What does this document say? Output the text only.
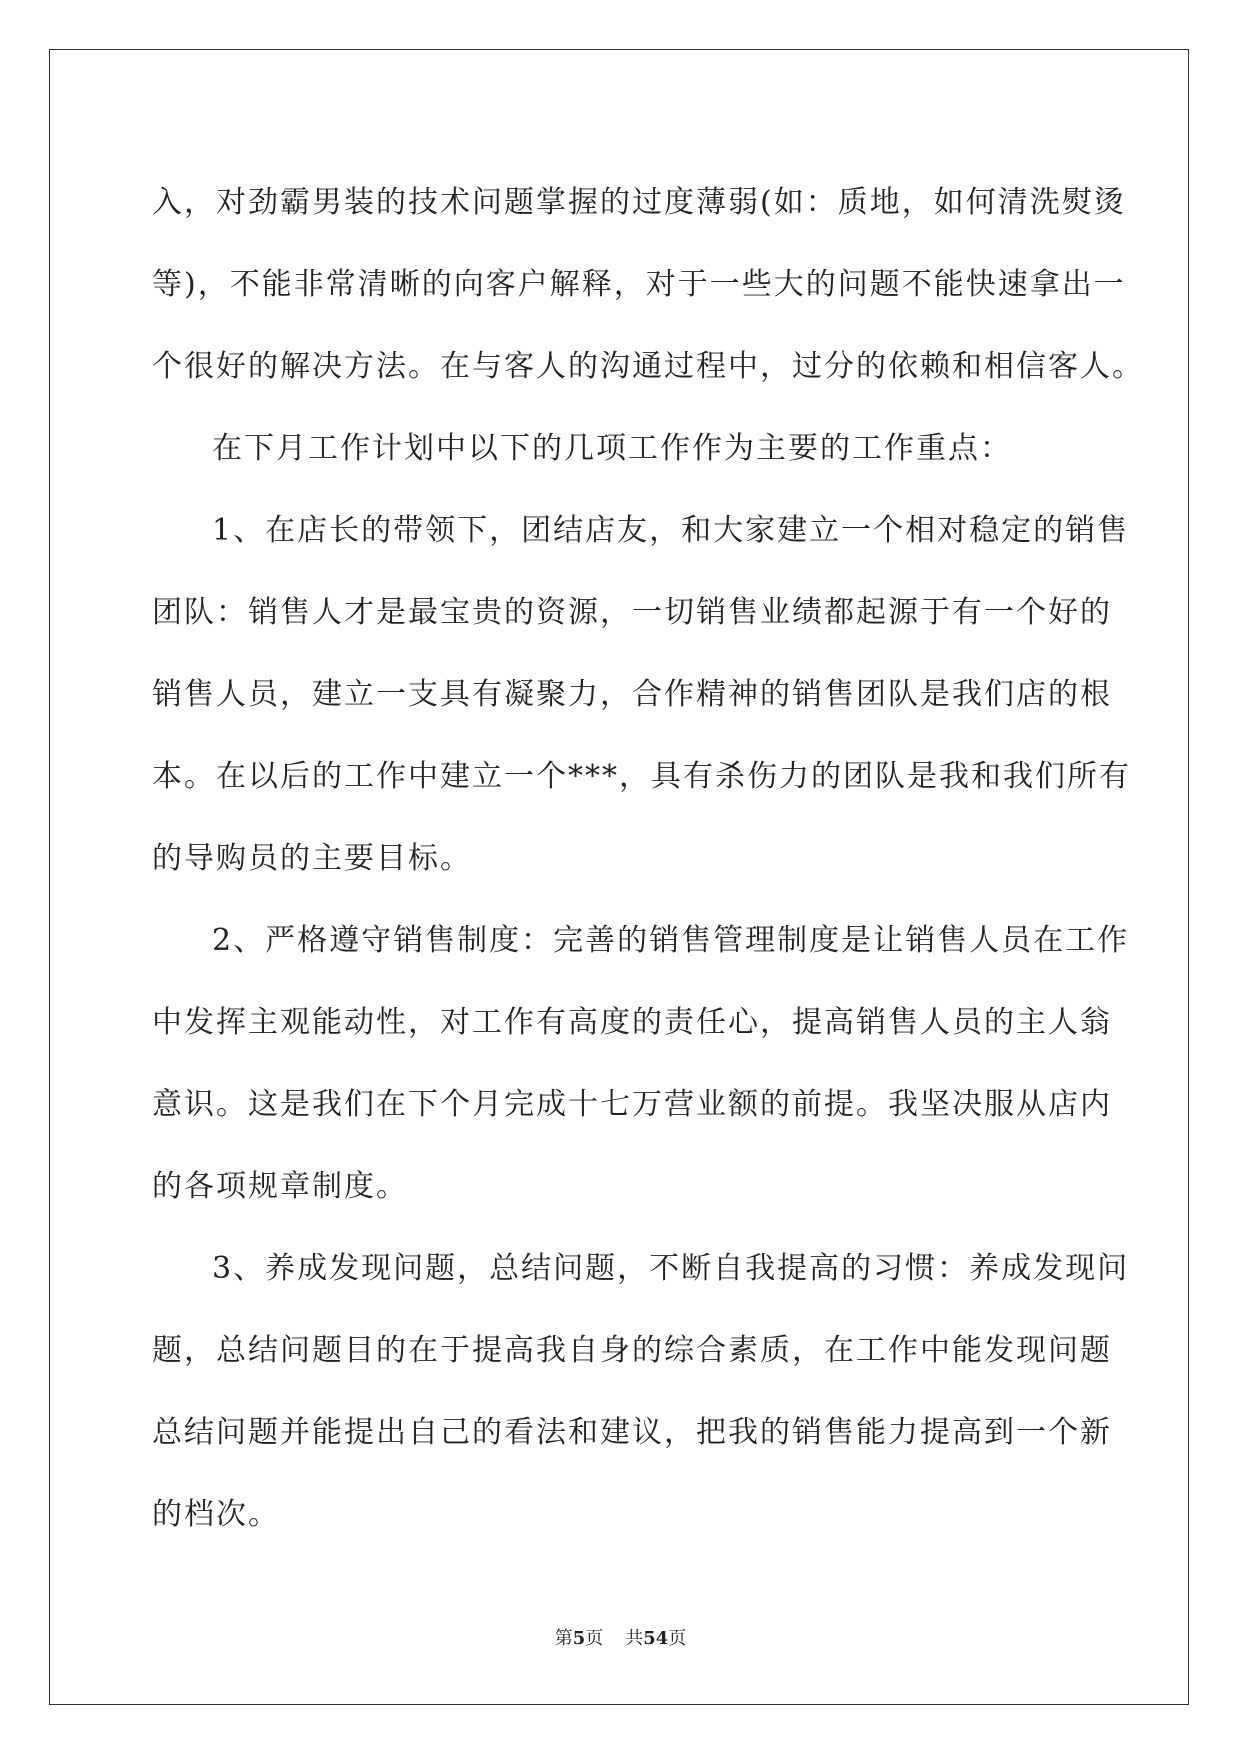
入，对劲霸男装的技术问题掌握的过度薄弱(如：质地，如何清洗熨烫
等)，不能非常清晰的向客户解释，对于一些大的问题不能快速拿出一
个很好的解决方法。在与客人的沟通过程中，过分的依赖和相信客人。
在下月工作计划中以下的几项工作作为主要的工作重点：
1、在店长的带领下，团结店友，和大家建立一个相对稳定的销售
团队：销售人才是最宝贵的资源，一切销售业绩都起源于有一个好的
销售人员，建立一支具有凝聚力，合作精神的销售团队是我们店的根
本。在以后的工作中建立一个***，具有杀伤力的团队是我和我们所有
的导购员的主要目标。
2、严格遵守销售制度：完善的销售管理制度是让销售人员在工作
中发挥主观能动性，对工作有高度的责任心，提高销售人员的主人翁
意识。这是我们在下个月完成十七万营业额的前提。我坚决服从店内
的各项规章制度。
3、养成发现问题，总结问题，不断自我提高的习惯：养成发现问
题，总结问题目的在于提高我自身的综合素质，在工作中能发现问题
总结问题并能提出自己的看法和建议，把我的销售能力提高到一个新
的档次。
第5页 共54页
